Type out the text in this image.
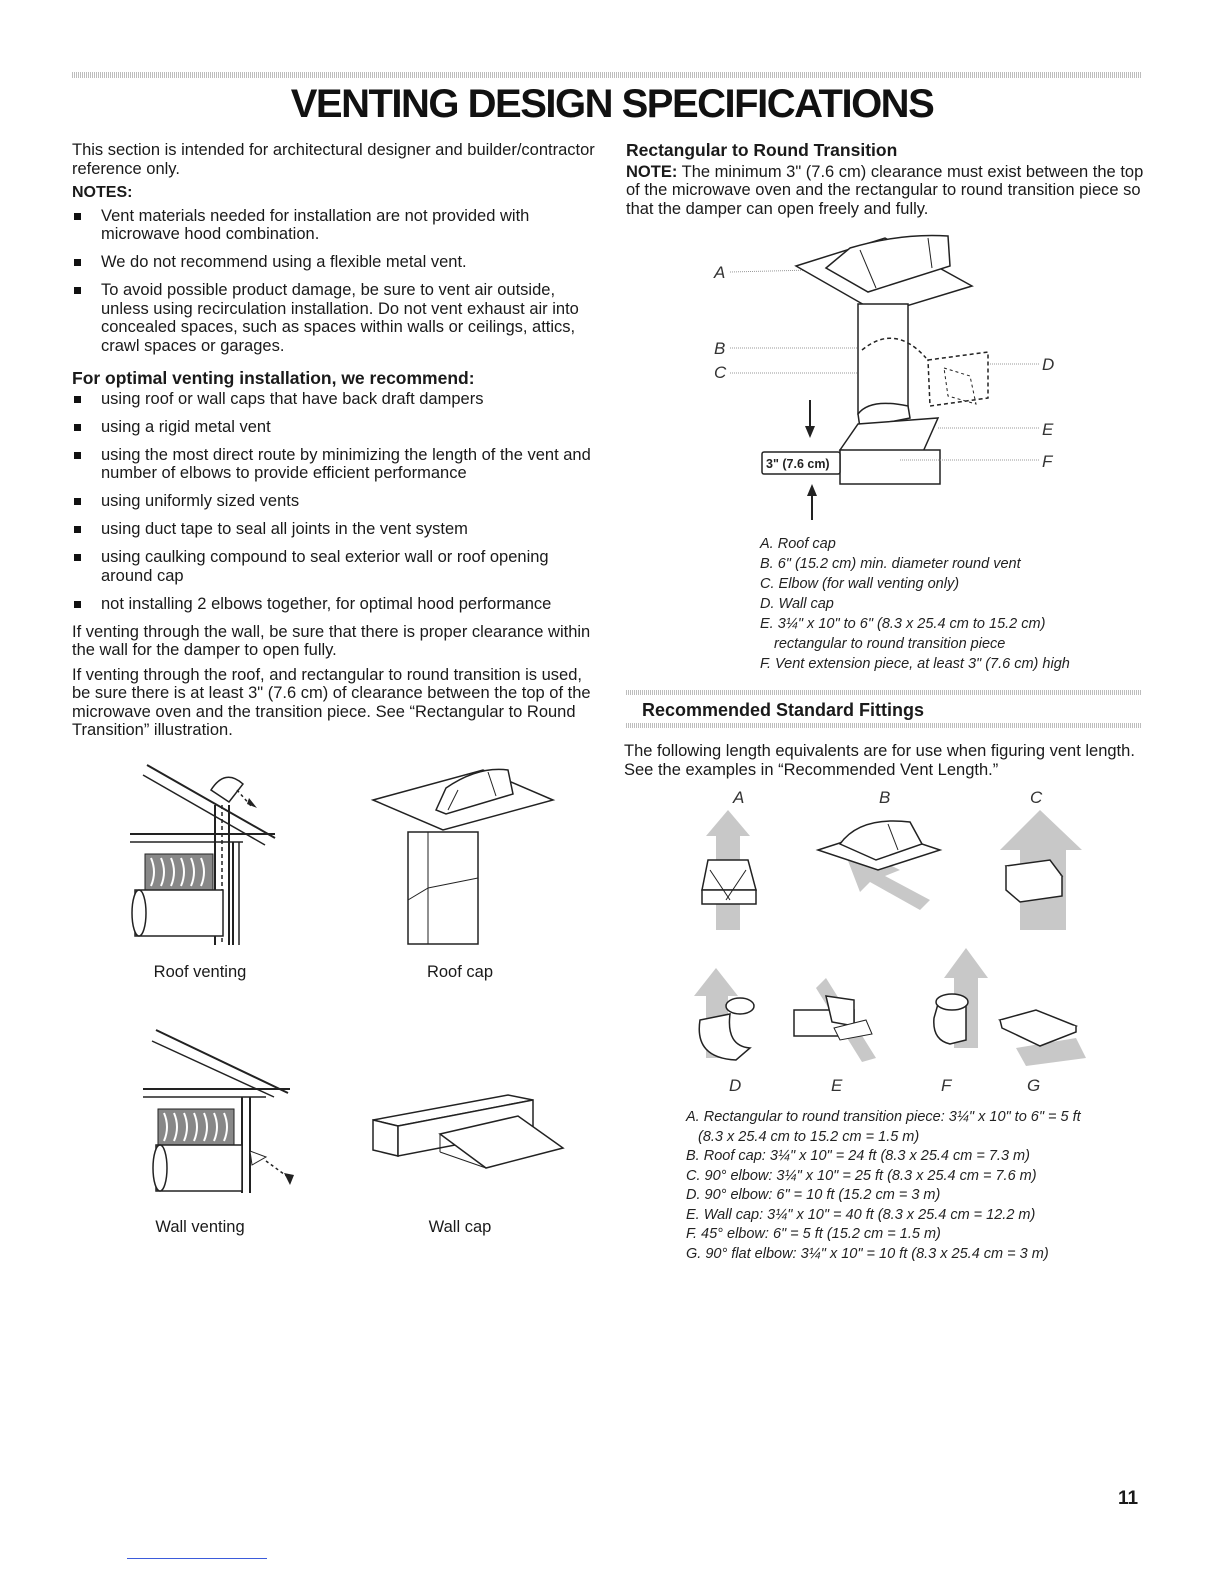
VENTING DESIGN SPECIFICATIONS

This section is intended for architectural designer and builder/contractor reference only.

NOTES:
Vent materials needed for installation are not provided with microwave hood combination.
We do not recommend using a flexible metal vent.
To avoid possible product damage, be sure to vent air outside, unless using recirculation installation. Do not vent exhaust air into concealed spaces, such as spaces within walls or ceilings, attics, crawl spaces or garages.
For optimal venting installation, we recommend:
using roof or wall caps that have back draft dampers
using a rigid metal vent
using the most direct route by minimizing the length of the vent and number of elbows to provide efficient performance
using uniformly sized vents
using duct tape to seal all joints in the vent system
using caulking compound to seal exterior wall or roof opening around cap
not installing 2 elbows together, for optimal hood performance

If venting through the wall, be sure that there is proper clearance within the wall for the damper to open fully.

If venting through the roof, and rectangular to round transition is used, be sure there is at least 3" (7.6 cm) of clearance between the top of the microwave oven and the transition piece. See “Rectangular to Round Transition” illustration.

Roof venting	Roof cap
Wall venting	Wall cap
Rectangular to Round Transition

NOTE: The minimum 3" (7.6 cm) clearance must exist between the top of the microwave oven and the rectangular to round transition piece so that the damper can open freely and fully.

A
B
C	D
E
F
3" (7.6 cm)
A. Roof cap
B. 6" (15.2 cm) min. diameter round vent
C. Elbow (for wall venting only)
D. Wall cap
E. 3¼" x 10" to 6" (8.3 x 25.4 cm to 15.2 cm)
rectangular to round transition piece
F. Vent extension piece, at least 3" (7.6 cm) high
Recommended Standard Fittings
The following length equivalents are for use when figuring vent length. See the examples in “Recommended Vent Length.”
A	B	C
D	E	F	G
A. Rectangular to round transition piece: 3¼" x 10" to 6" = 5 ft
(8.3 x 25.4 cm to 15.2 cm = 1.5 m)
B. Roof cap: 3¼" x 10" = 24 ft (8.3 x 25.4 cm = 7.3 m)
C. 90° elbow: 3¼" x 10" = 25 ft (8.3 x 25.4 cm = 7.6 m)
D. 90° elbow: 6" = 10 ft (15.2 cm = 3 m)
E. Wall cap: 3¼" x 10" = 40 ft (8.3 x 25.4 cm = 12.2 m)
F. 45° elbow: 6" = 5 ft (15.2 cm = 1.5 m)
G. 90° flat elbow: 3¼" x 10" = 10 ft (8.3 x 25.4 cm = 3 m)
11
